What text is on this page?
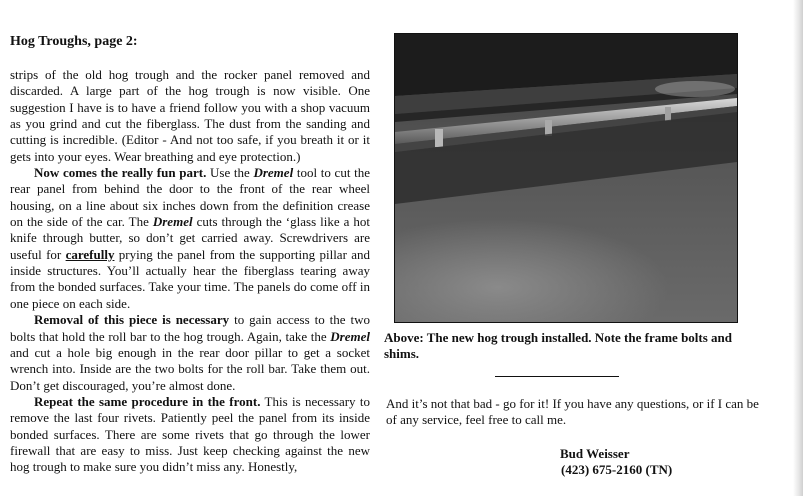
Hog Troughs, page 2:

strips of the old hog trough and the rocker panel removed and discarded. A large part of the hog trough is now visible. One suggestion I have is to have a friend follow you with a shop vacuum as you grind and cut the fiberglass. The dust from the sanding and cutting is incredible. (Editor - And not too safe, if you breath it or it gets into your eyes. Wear breathing and eye protection.)

Now comes the really fun part. Use the Dremel tool to cut the rear panel from behind the door to the front of the rear wheel housing, on a line about six inches down from the definition crease on the side of the car. The Dremel cuts through the ‘glass like a hot knife through butter, so don’t get carried away. Screwdrivers are useful for carefully prying the panel from the supporting pillar and inside structures. You’ll actually hear the fiberglass tearing away from the bonded surfaces. Take your time. The panels do come off in one piece on each side.

Removal of this piece is necessary to gain access to the two bolts that hold the roll bar to the hog trough. Again, take the Dremel and cut a hole big enough in the rear door pillar to get a socket wrench into. Inside are the two bolts for the roll bar. Take them out. Don’t get discouraged, you’re almost done.

Repeat the same procedure in the front. This is necessary to remove the last four rivets. Patiently peel the panel from its inside bonded surfaces. There are some rivets that go through the lower firewall that are easy to miss. Just keep checking against the new hog trough to make sure you didn’t miss any. Honestly,

Above: The new hog trough installed. Note the frame bolts and shims.
And it’s not that bad - go for it! If you have any questions, or if I can be of any service, feel free to call me.
Bud Weisser
(423) 675-2160 (TN)
